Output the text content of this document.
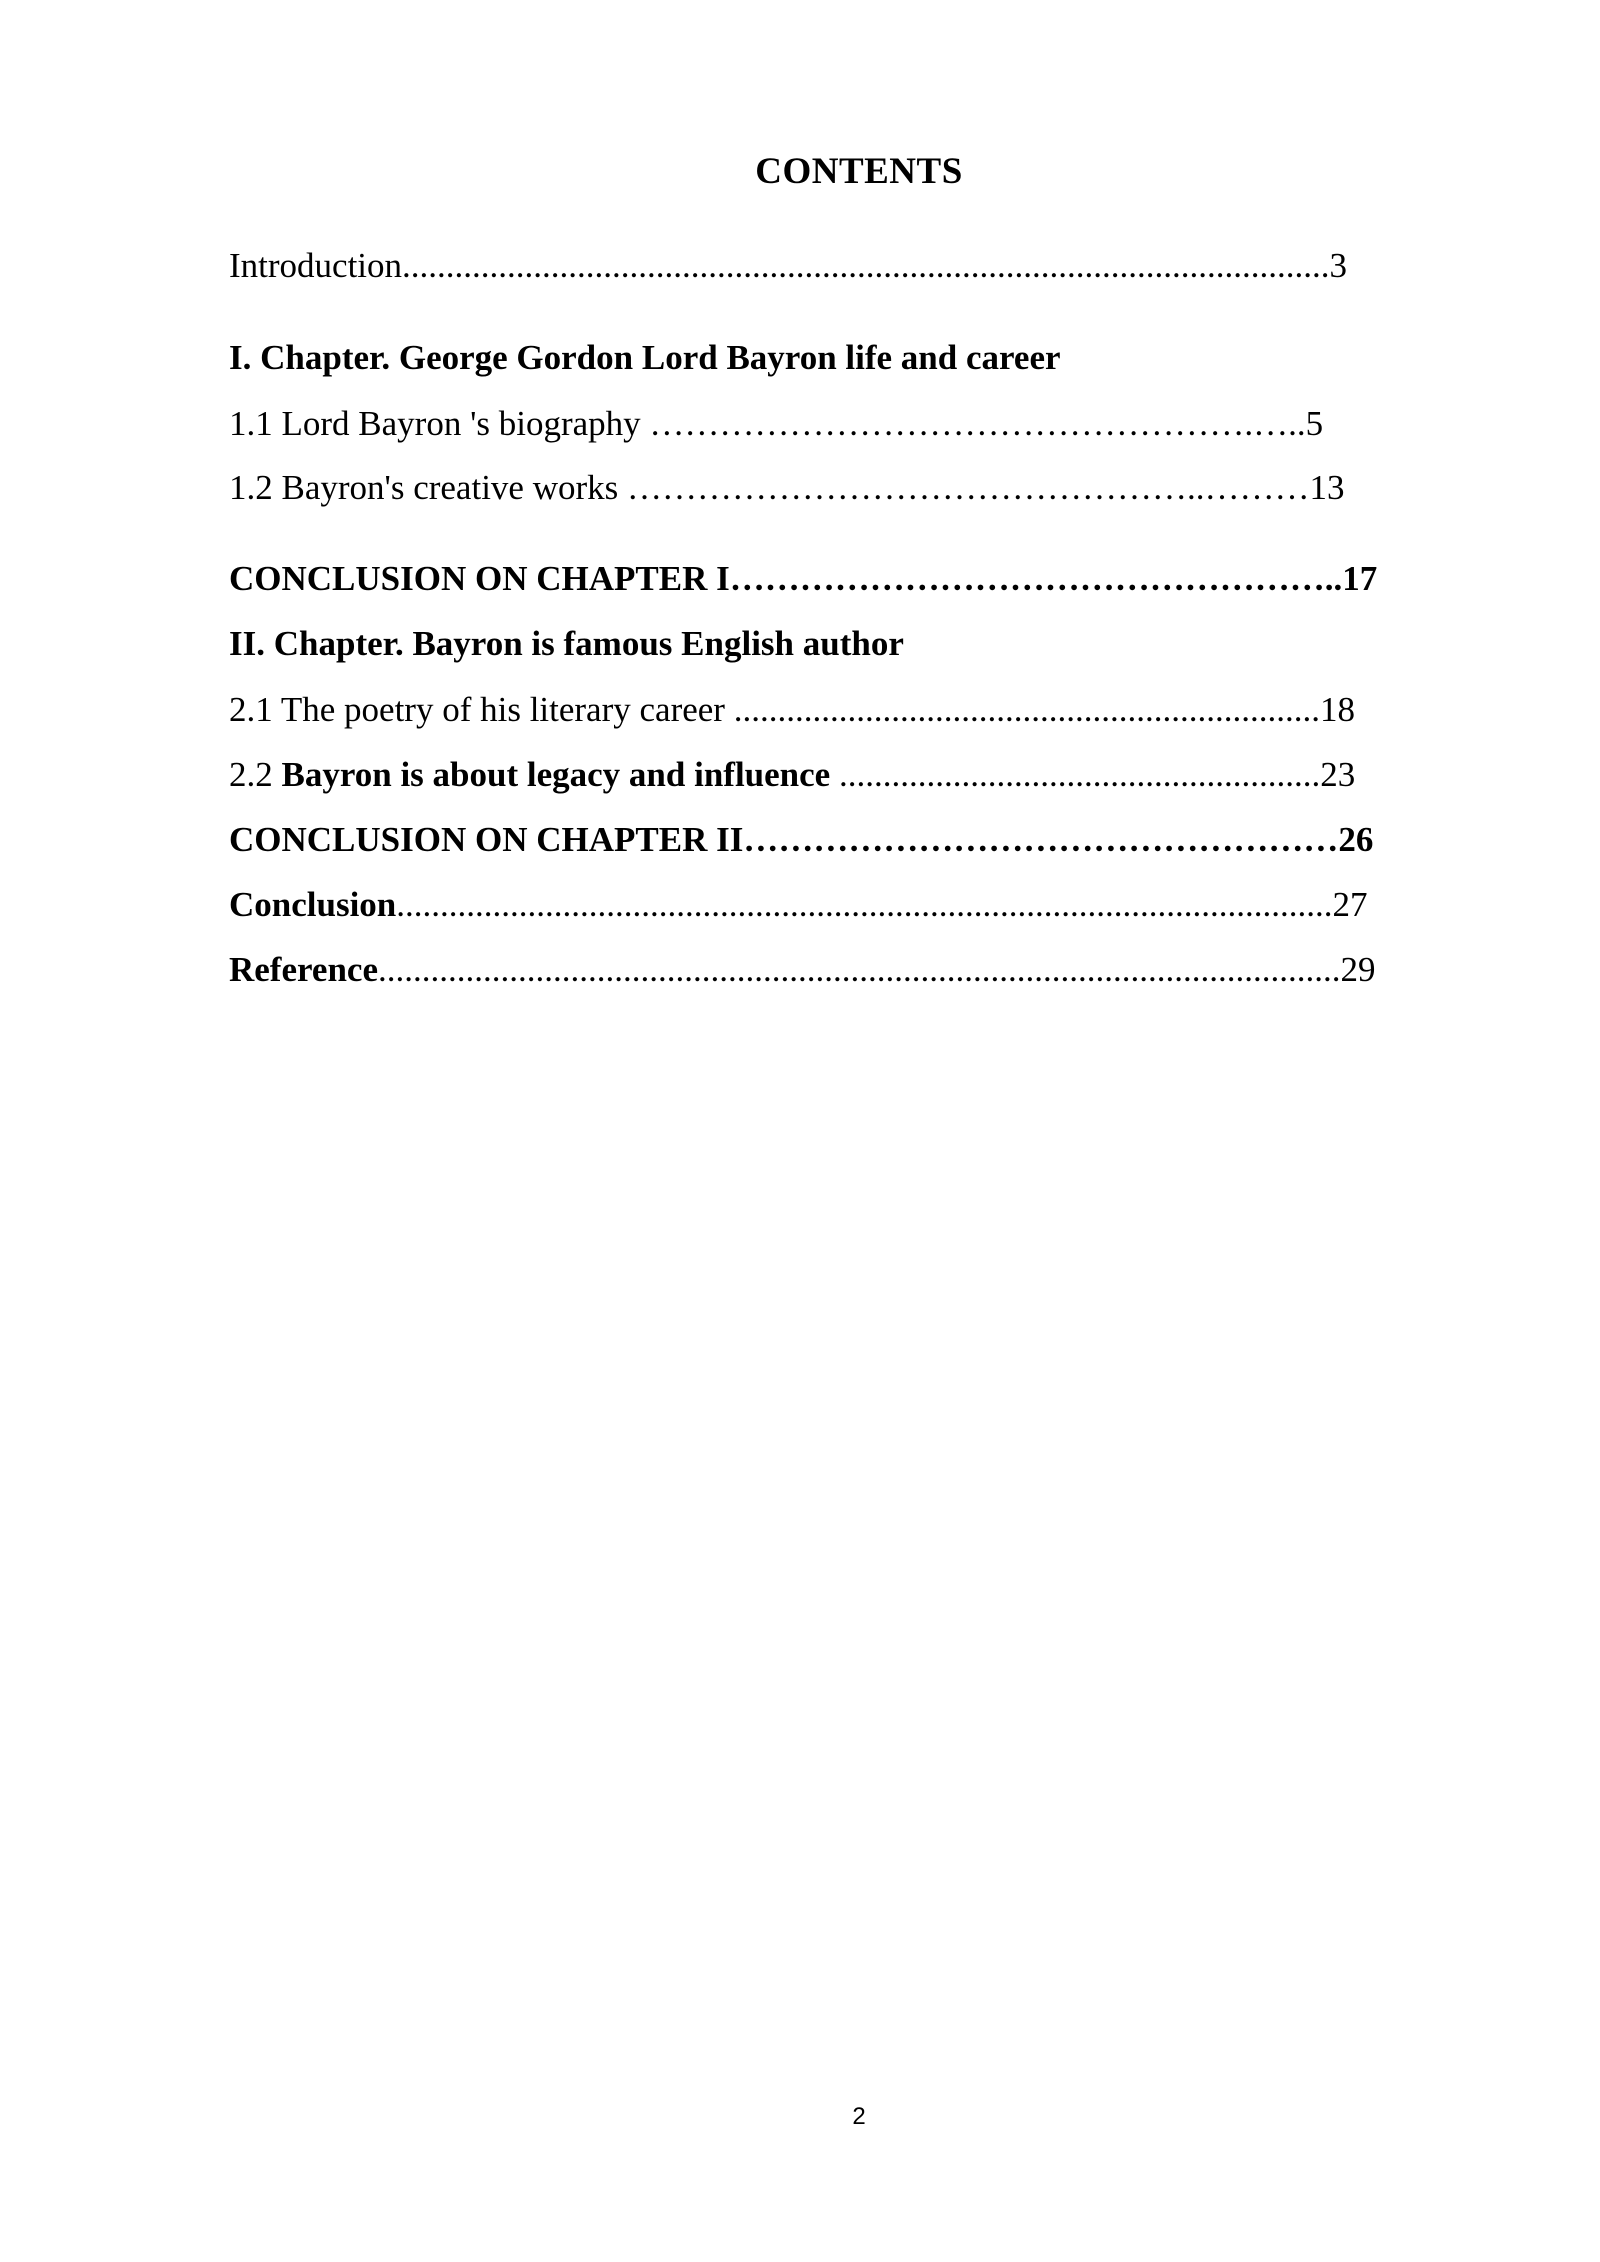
CONTENTS
Introduction..........................................................................................................3
I. Chapter. George Gordon Lord Bayron life and career
1.1 Lord Bayron 's biography …………………………………………….…..5
1.2 Bayron's creative works …………………………………………..………13
CONCLUSION ON CHAPTER I……………………………………………..17
II. Chapter. Bayron is famous English author
2.1 The poetry of his literary career ...................................................................18
2.2 Bayron is about legacy and influence .......................................................23
CONCLUSION ON CHAPTER II……………………………………………26
Conclusion...........................................................................................................27
Reference..............................................................................................................29
2
